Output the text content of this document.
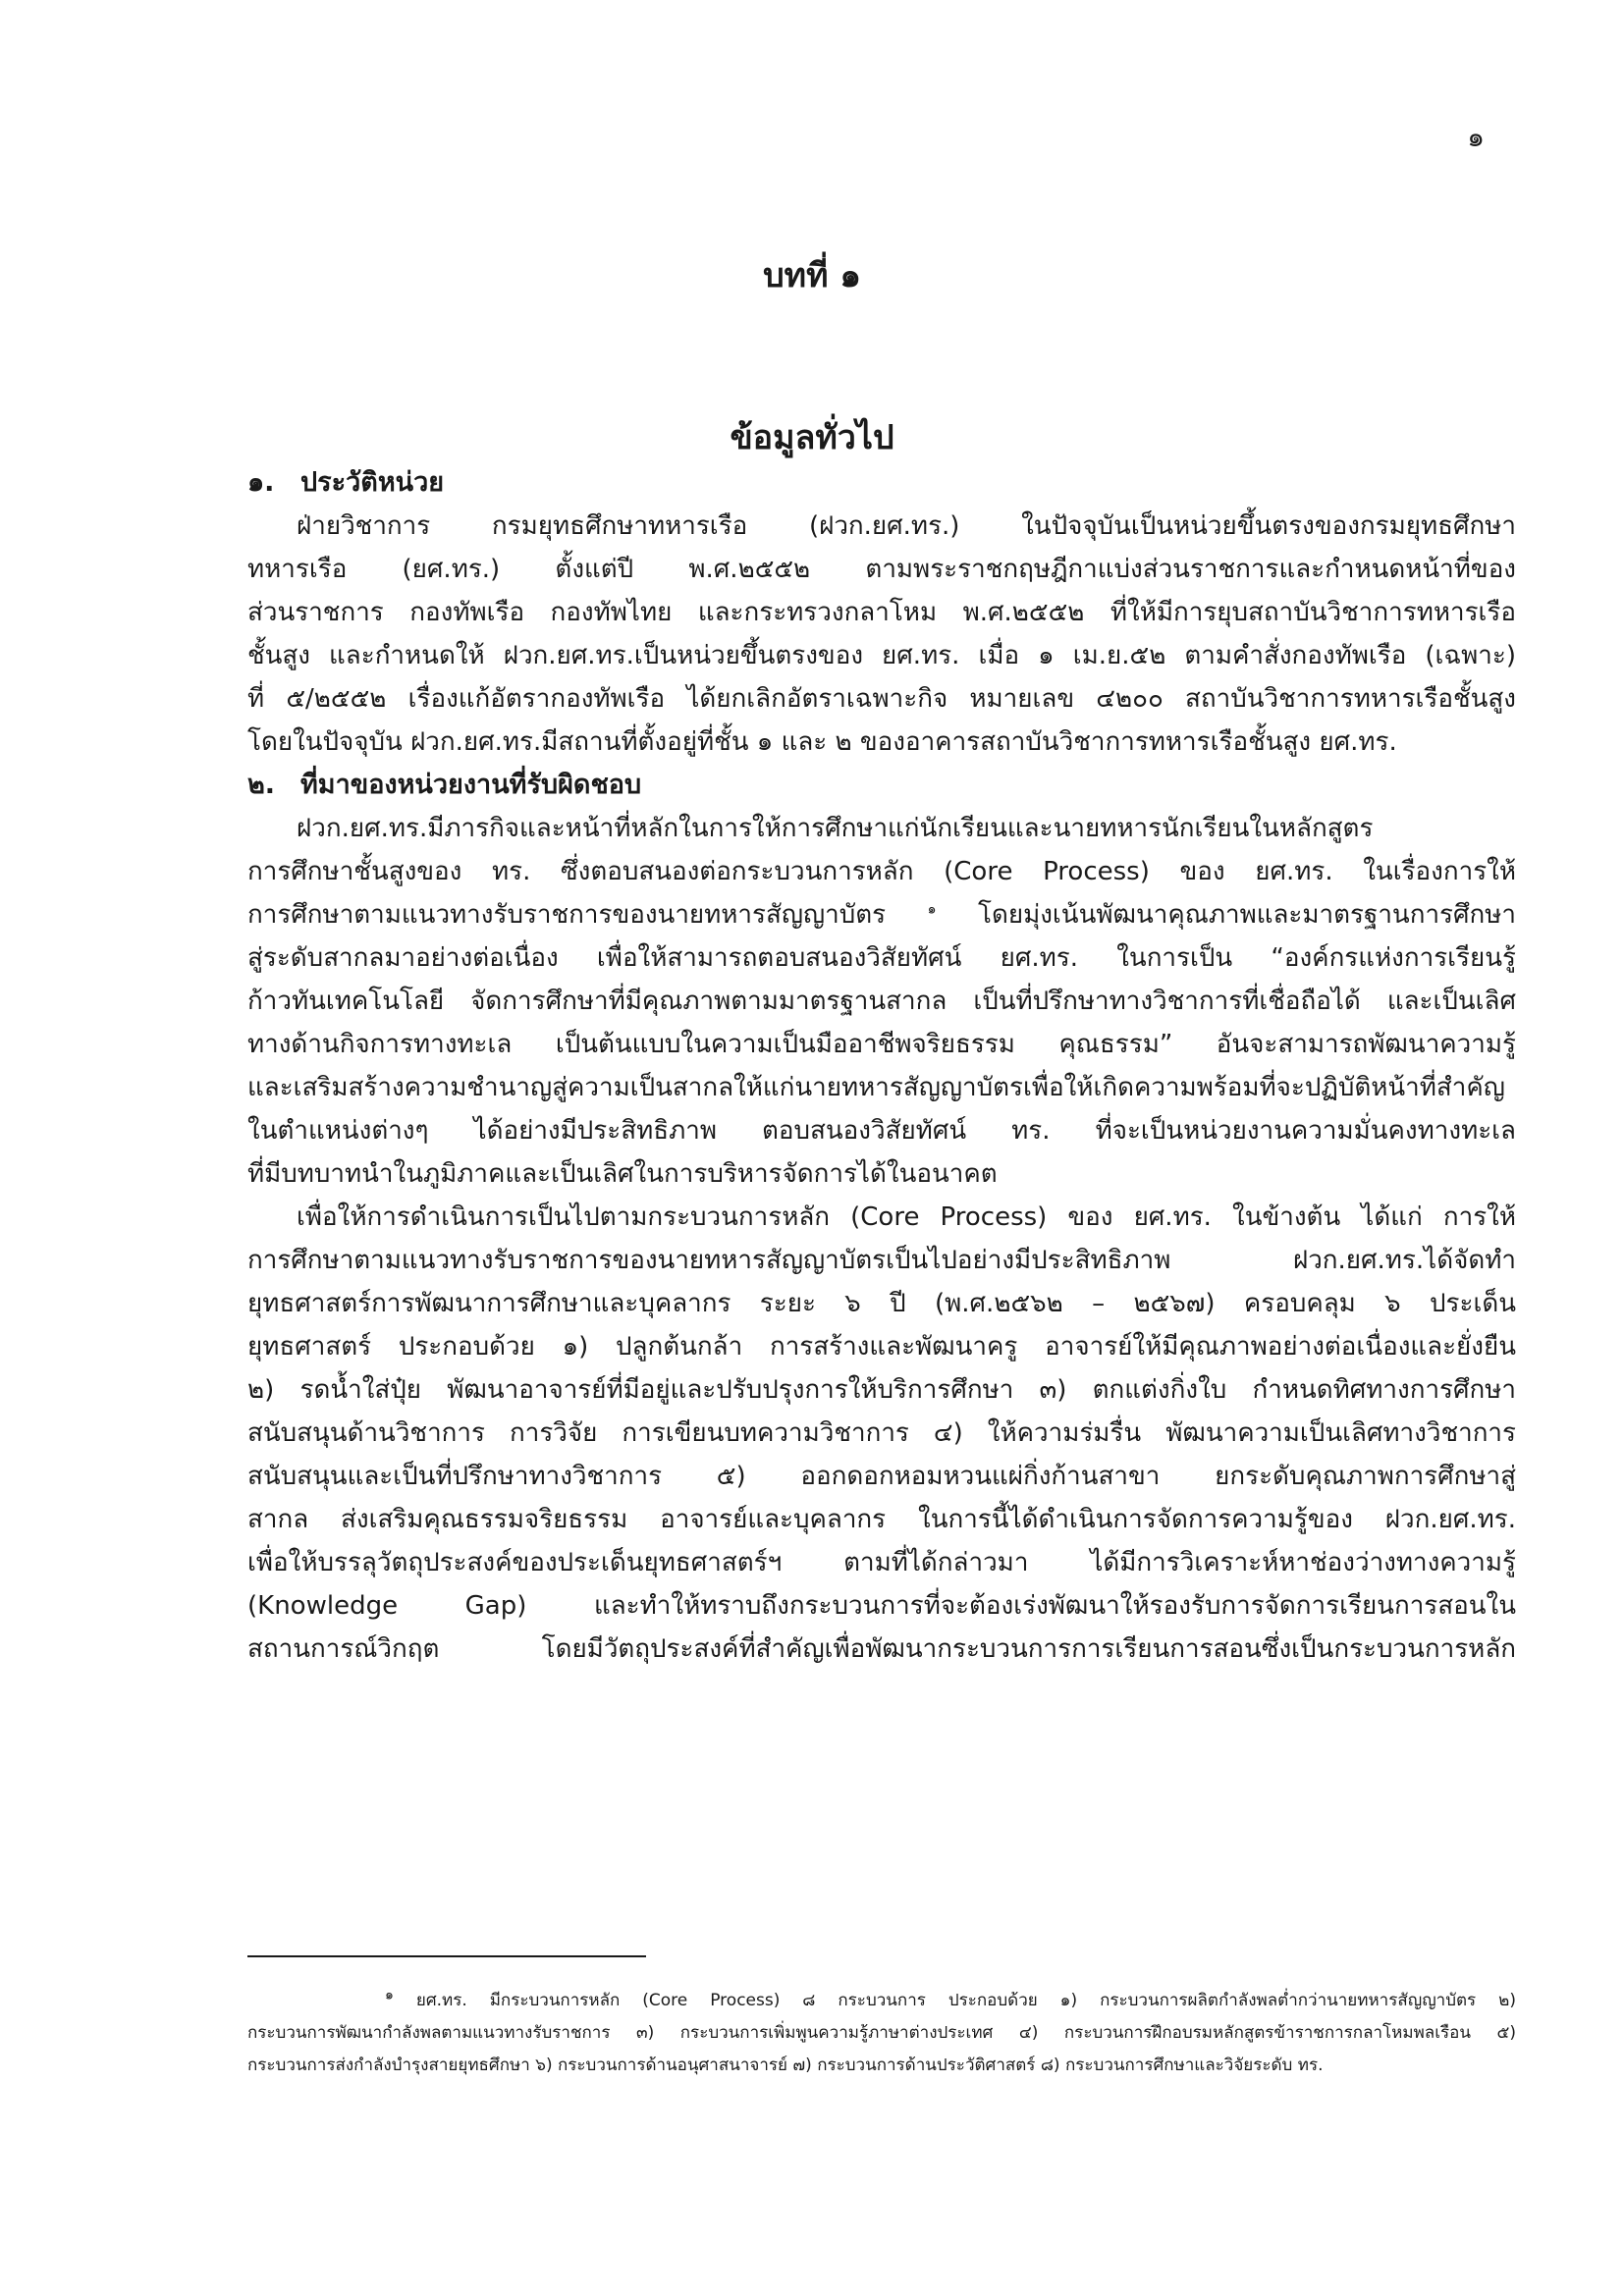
๑
บทที่ ๑
ข้อมูลทั่วไป
๑. ประวัติหน่วย
ฝ่ายวิชาการ กรมยุทธศึกษาทหารเรือ (ฝวก.ยศ.ทร.) ในปัจจุบันเป็นหน่วยขึ้นตรงของกรมยุทธศึกษา
ทหารเรือ (ยศ.ทร.) ตั้งแต่ปี พ.ศ.๒๕๕๒ ตามพระราชกฤษฎีกาแบ่งส่วนราชการและกำหนดหน้าที่ของ
ส่วนราชการ กองทัพเรือ กองทัพไทย และกระทรวงกลาโหม พ.ศ.๒๕๕๒ ที่ให้มีการยุบสถาบันวิชาการทหารเรือ
ชั้นสูง และกำหนดให้ ฝวก.ยศ.ทร.เป็นหน่วยขึ้นตรงของ ยศ.ทร. เมื่อ ๑ เม.ย.๕๒ ตามคำสั่งกองทัพเรือ (เฉพาะ)
ที่ ๕/๒๕๕๒ เรื่องแก้อัตรากองทัพเรือ ได้ยกเลิกอัตราเฉพาะกิจ หมายเลข ๔๒๐๐ สถาบันวิชาการทหารเรือชั้นสูง
โดยในปัจจุบัน ฝวก.ยศ.ทร.มีสถานที่ตั้งอยู่ที่ชั้น ๑ และ ๒ ของอาคารสถาบันวิชาการทหารเรือชั้นสูง ยศ.ทร.
๒. ที่มาของหน่วยงานที่รับผิดชอบ
ฝวก.ยศ.ทร.มีภารกิจและหน้าที่หลักในการให้การศึกษาแก่นักเรียนและนายทหารนักเรียนในหลักสูตร
การศึกษาชั้นสูงของ ทร. ซึ่งตอบสนองต่อกระบวนการหลัก (Core Process) ของ ยศ.ทร. ในเรื่องการให้
การศึกษาตามแนวทางรับราชการของนายทหารสัญญาบัตร	$^๑$ โดยมุ่งเน้นพัฒนาคุณภาพและมาตรฐานการศึกษา
สู่ระดับสากลมาอย่างต่อเนื่อง เพื่อให้สามารถตอบสนองวิสัยทัศน์ ยศ.ทร. ในการเป็น “องค์กรแห่งการเรียนรู้
ก้าวทันเทคโนโลยี จัดการศึกษาที่มีคุณภาพตามมาตรฐานสากล เป็นที่ปรึกษาทางวิชาการที่เชื่อถือได้ และเป็นเลิศ
ทางด้านกิจการทางทะเล เป็นต้นแบบในความเป็นมืออาชีพจริยธรรม คุณธรรม” อันจะสามารถพัฒนาความรู้
และเสริมสร้างความชำนาญสู่ความเป็นสากลให้แก่นายทหารสัญญาบัตรเพื่อให้เกิดความพร้อมที่จะปฏิบัติหน้าที่สำคัญ
ในตำแหน่งต่างๆ ได้อย่างมีประสิทธิภาพ ตอบสนองวิสัยทัศน์ ทร. ที่จะเป็นหน่วยงานความมั่นคงทางทะเล
ที่มีบทบาทนำในภูมิภาคและเป็นเลิศในการบริหารจัดการได้ในอนาคต
เพื่อให้การดำเนินการเป็นไปตามกระบวนการหลัก (Core Process) ของ ยศ.ทร. ในข้างต้น ได้แก่ การให้
การศึกษาตามแนวทางรับราชการของนายทหารสัญญาบัตรเป็นไปอย่างมีประสิทธิภาพ ฝวก.ยศ.ทร.ได้จัดทำ
ยุทธศาสตร์การพัฒนาการศึกษาและบุคลากร ระยะ ๖ ปี (พ.ศ.๒๕๖๒ – ๒๕๖๗) ครอบคลุม ๖ ประเด็น
ยุทธศาสตร์ ประกอบด้วย ๑) ปลูกต้นกล้า การสร้างและพัฒนาครู อาจารย์ให้มีคุณภาพอย่างต่อเนื่องและยั่งยืน
๒) รดน้ำใส่ปุ๋ย พัฒนาอาจารย์ที่มีอยู่และปรับปรุงการให้บริการศึกษา ๓) ตกแต่งกิ่งใบ กำหนดทิศทางการศึกษา
สนับสนุนด้านวิชาการ การวิจัย การเขียนบทความวิชาการ ๔) ให้ความร่มรื่น พัฒนาความเป็นเลิศทางวิชาการ
สนับสนุนและเป็นที่ปรึกษาทางวิชาการ ๕) ออกดอกหอมหวนแผ่กิ่งก้านสาขา ยกระดับคุณภาพการศึกษาสู่
สากล ส่งเสริมคุณธรรมจริยธรรม อาจารย์และบุคลากร ในการนี้ได้ดำเนินการจัดการความรู้ของ ฝวก.ยศ.ทร.
เพื่อให้บรรลุวัตถุประสงค์ของประเด็นยุทธศาสตร์ฯ ตามที่ได้กล่าวมา ได้มีการวิเคราะห์หาช่องว่างทางความรู้
(Knowledge Gap) และทำให้ทราบถึงกระบวนการที่จะต้องเร่งพัฒนาให้รองรับการจัดการเรียนการสอนใน
สถานการณ์วิกฤต โดยมีวัตถุประสงค์ที่สำคัญเพื่อพัฒนากระบวนการการเรียนการสอนซึ่งเป็นกระบวนการหลัก
$^๑$ ยศ.ทร. มีกระบวนการหลัก (Core Process) ๘ กระบวนการ ประกอบด้วย ๑) กระบวนการผลิตกำลังพลต่ำกว่านายทหารสัญญาบัตร ๒)
กระบวนการพัฒนากำลังพลตามแนวทางรับราชการ ๓) กระบวนการเพิ่มพูนความรู้ภาษาต่างประเทศ ๔) กระบวนการฝึกอบรมหลักสูตรข้าราชการกลาโหมพลเรือน ๕)
กระบวนการส่งกำลังบำรุงสายยุทธศึกษา ๖) กระบวนการด้านอนุศาสนาจารย์ ๗) กระบวนการด้านประวัติศาสตร์ ๘) กระบวนการศึกษาและวิจัยระดับ ทร.
